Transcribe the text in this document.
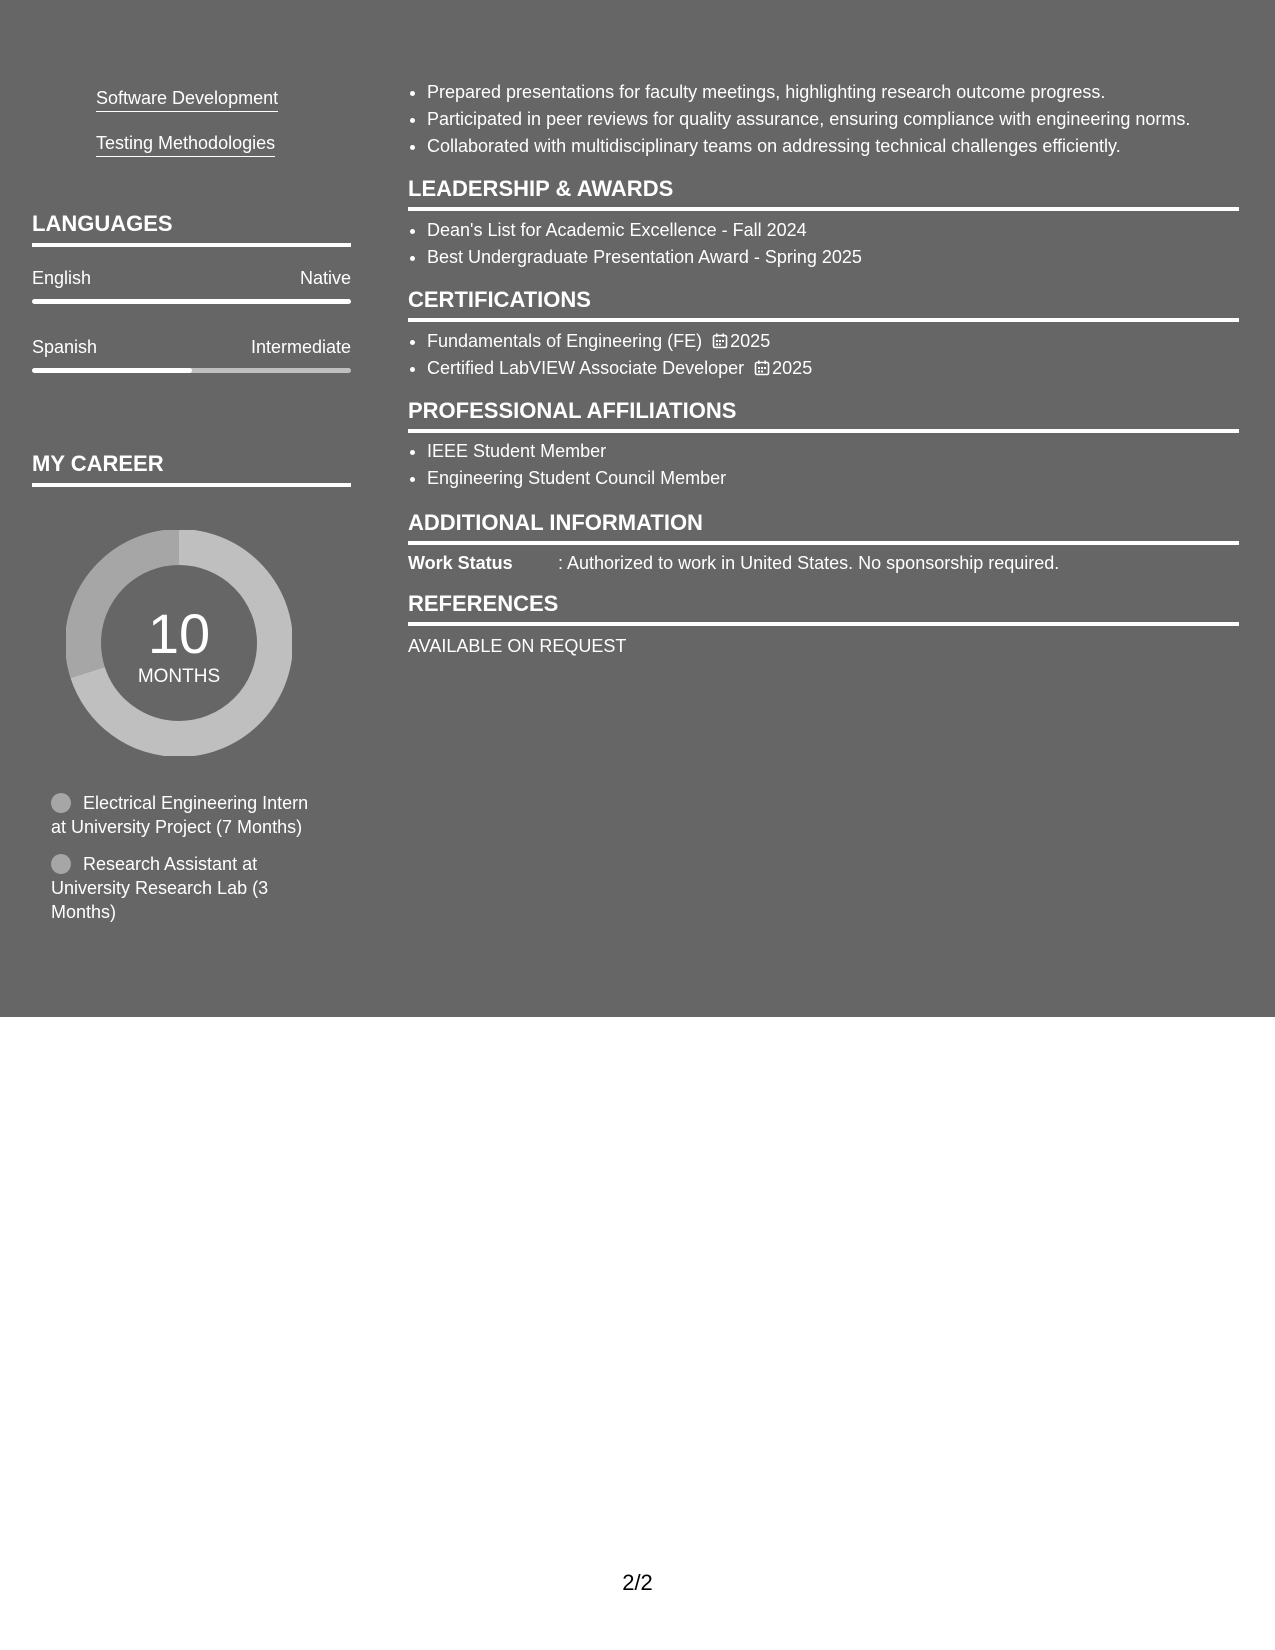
Software Development
Testing Methodologies
LANGUAGES
English	Native
Spanish	Intermediate
MY CAREER
10
MONTHS
Electrical Engineering Intern at University Project (7 Months)
Research Assistant at University Research Lab (3 Months)
• Prepared presentations for faculty meetings, highlighting research outcome progress.
• Participated in peer reviews for quality assurance, ensuring compliance with engineering norms.
• Collaborated with multidisciplinary teams on addressing technical challenges efficiently.
LEADERSHIP & AWARDS
• Dean's List for Academic Excellence - Fall 2024
• Best Undergraduate Presentation Award - Spring 2025
CERTIFICATIONS
• Fundamentals of Engineering (FE) 2025
• Certified LabVIEW Associate Developer 2025
PROFESSIONAL AFFILIATIONS
• IEEE Student Member
• Engineering Student Council Member
ADDITIONAL INFORMATION
Work Status	: Authorized to work in United States. No sponsorship required.
REFERENCES
AVAILABLE ON REQUEST
2/2
